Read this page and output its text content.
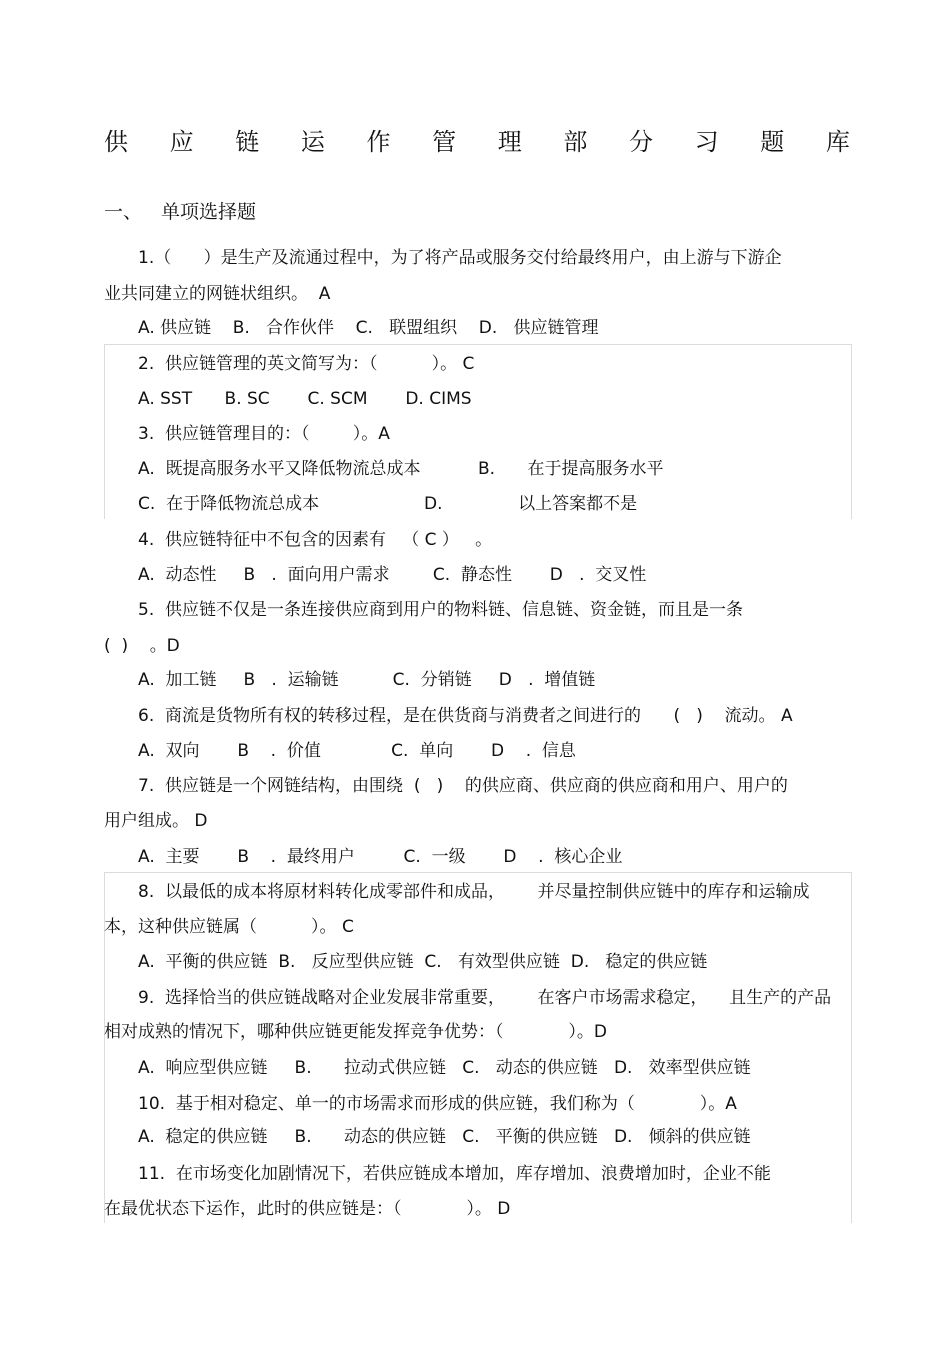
供 应 链 运 作 管 理 部 分 习 题 库
一、 单项选择题
1.（      ）是生产及流通过程中，为了将产品或服务交付给最终用户，由上游与下游企
业共同建立的网链状组织。  A
A. 供应链    B.   合作伙伴    C.   联盟组织    D.   供应链管理
2.  供应链管理的英文简写为：（          ）。 C
A. SST      B. SC       C. SCM       D. CIMS
3.  供应链管理目的：（        ）。A
A.  既提高服务水平又降低物流总成本	B.      在于提高服务水平
C.  在于降低物流总成本	D.              以上答案都不是
4.  供应链特征中不包含的因素有   （ C ）   。
A.  动态性     B   .  面向用户需求        C.  静态性       D   .  交叉性
5.  供应链不仅是一条连接供应商到用户的物料链、信息链、资金链，而且是一条
(  )    。D
A.  加工链     B   .  运输链          C.  分销链     D   .  增值链
6.  商流是货物所有权的转移过程，是在供货商与消费者之间进行的      (   )    流动。 A
A.  双向       B    .  价值             C.  单向       D    .  信息
7.  供应链是一个网链结构，由围绕  (   )    的供应商、供应商的供应商和用户、用户的
用户组成。 D
A.  主要       B    .  最终用户         C.  一级       D    .  核心企业
8.  以最低的成本将原材料转化成零部件和成品，      并尽量控制供应链中的库存和运输成
本，这种供应链属（          ）。 C
A.  平衡的供应链  B.   反应型供应链  C.   有效型供应链  D.   稳定的供应链
9.  选择恰当的供应链战略对企业发展非常重要，      在客户市场需求稳定，    且生产的产品
相对成熟的情况下，哪种供应链更能发挥竞争优势：（            ）。D
A.  响应型供应链     B.      拉动式供应链   C.   动态的供应链   D.   效率型供应链
10.  基于相对稳定、单一的市场需求而形成的供应链，我们称为（            ）。A
A.  稳定的供应链     B.      动态的供应链   C.   平衡的供应链   D.   倾斜的供应链
11.  在市场变化加剧情况下，若供应链成本增加，库存增加、浪费增加时，企业不能
在最优状态下运作，此时的供应链是：（            ）。 D
